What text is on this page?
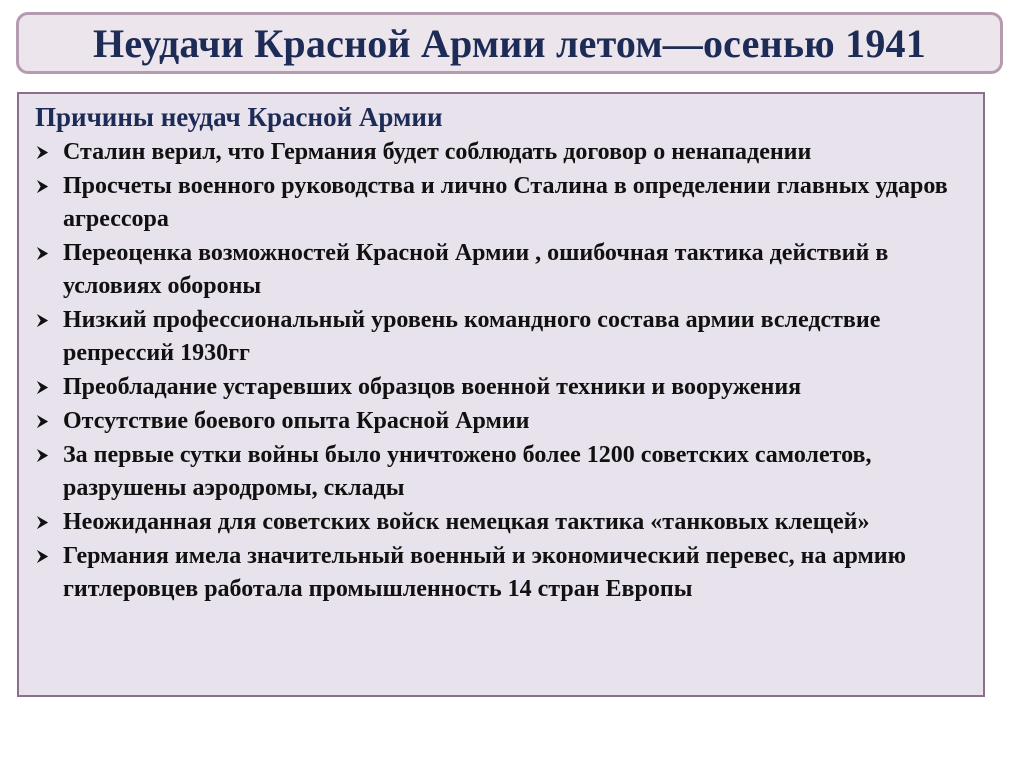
Неудачи Красной Армии летом—осенью 1941
Причины неудач Красной Армии
Сталин верил, что Германия будет соблюдать договор о ненападении
Просчеты военного руководства и лично Сталина в определении главных ударов агрессора
Переоценка возможностей Красной Армии , ошибочная тактика действий в условиях обороны
Низкий профессиональный уровень командного состава армии вследствие репрессий 1930гг
Преобладание устаревших образцов военной техники и вооружения
Отсутствие боевого опыта Красной Армии
За первые сутки войны было уничтожено более 1200 советских самолетов, разрушены аэродромы, склады
Неожиданная для советских войск немецкая тактика «танковых клещей»
Германия имела значительный военный и экономический перевес, на армию гитлеровцев работала промышленность 14 стран Европы
